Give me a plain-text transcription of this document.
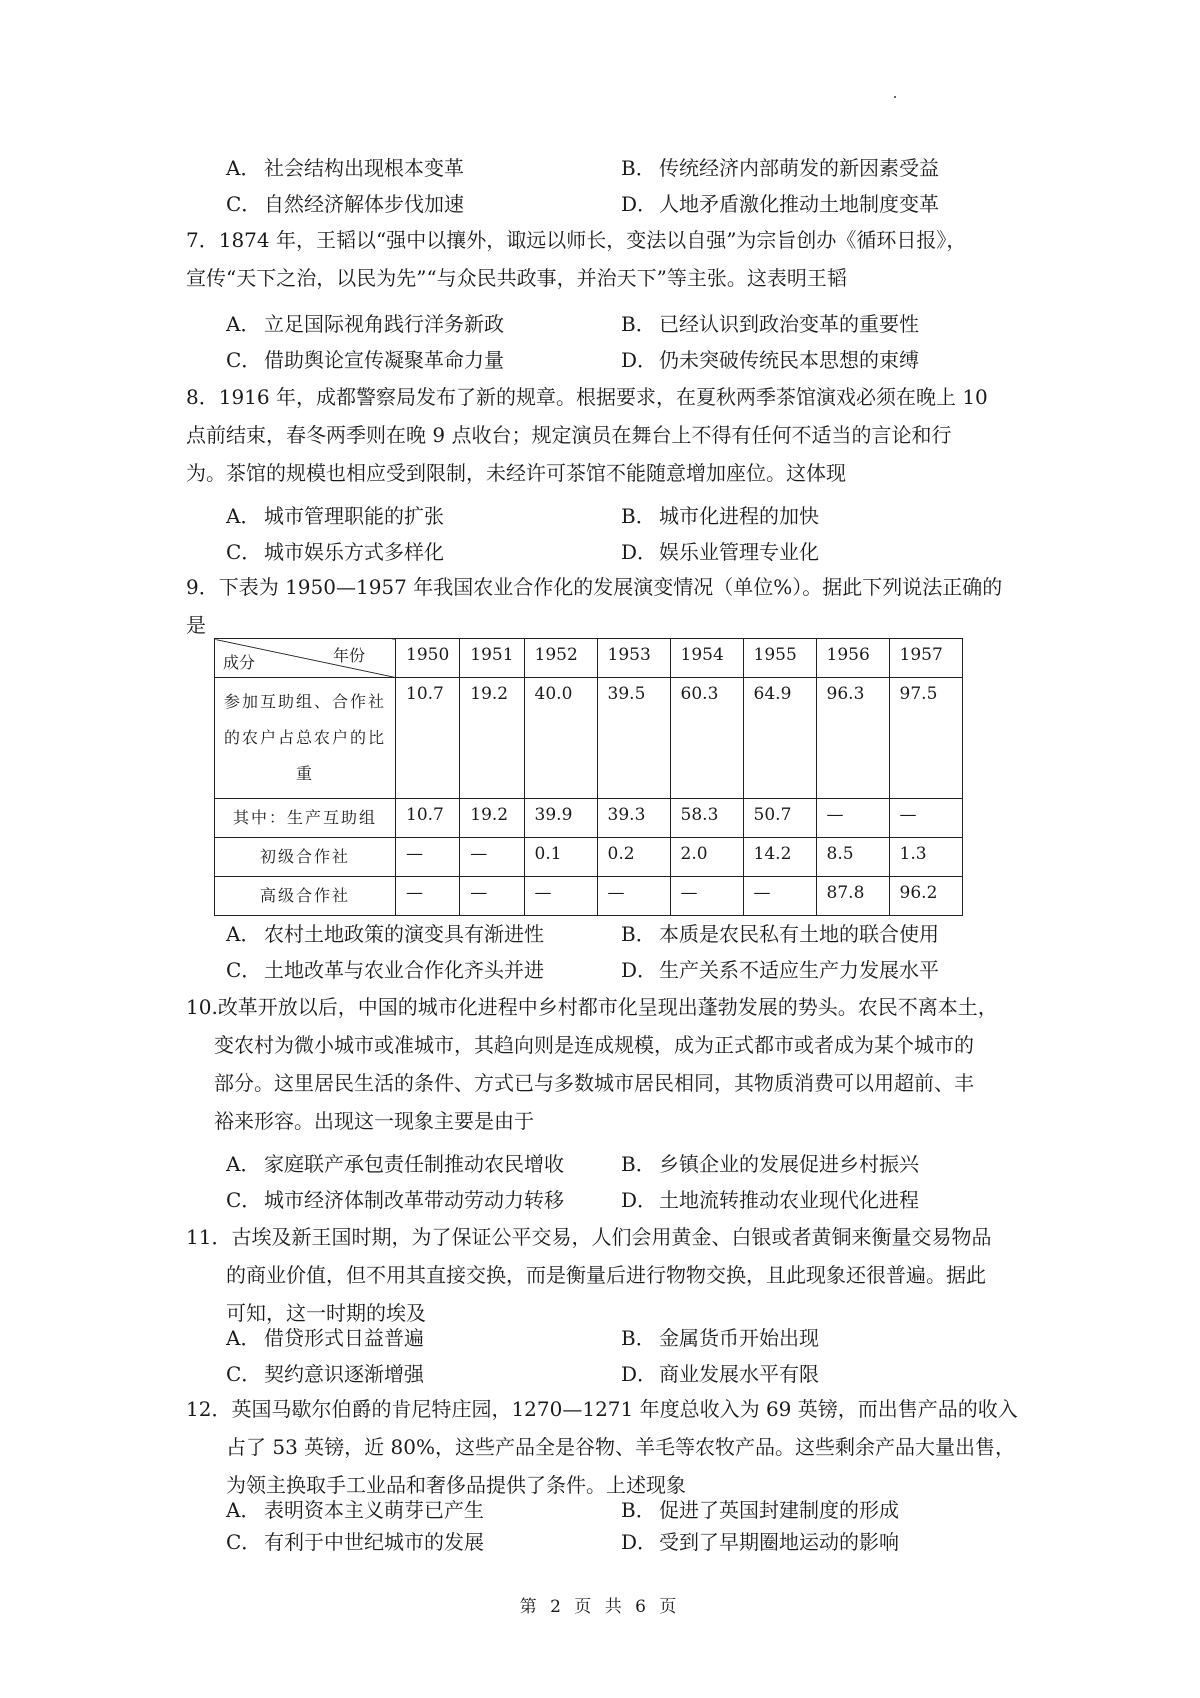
A． 社会结构出现根本变革	B． 传统经济内部萌发的新因素受益
C． 自然经济解体步伐加速	D．人地矛盾激化推动土地制度变革

7．1874 年，王韬以“强中以攘外，诹远以师长，变法以自强”为宗旨创办《循环日报》，

宣传“天下之治，以民为先”“与众民共政事，并治天下”等主张。这表明王韬

A． 立足国际视角践行洋务新政	B． 已经认识到政治变革的重要性
C． 借助舆论宣传凝聚革命力量	D．仍未突破传统民本思想的束缚

8．1916 年，成都警察局发布了新的规章。根据要求，在夏秋两季茶馆演戏必须在晚上 10

点前结束，春冬两季则在晚 9 点收台；规定演员在舞台上不得有任何不适当的言论和行

为。茶馆的规模也相应受到限制，未经许可茶馆不能随意增加座位。这体现

A． 城市管理职能的扩张	B． 城市化进程的加快
C． 城市娱乐方式多样化	D．娱乐业管理专业化

9．下表为 1950—1957 年我国农业合作化的发展演变情况（单位%）。据此下列说法正确的

是

成分 年份	1950	1951	1952	1953	1954	1955	1956	1957
参加互助组、合作社的农户占总农户的比重	10.7	19.2	40.0	39.5	60.3	64.9	96.3	97.5
其中：生产互助组	10.7	19.2	39.9	39.3	58.3	50.7	—	—
初级合作社	—	—	0.1	0.2	2.0	14.2	8.5	1.3
高级合作社	—	—	—	—	—	—	87.8	96.2
A． 农村土地政策的演变具有渐进性	B． 本质是农民私有土地的联合使用
C． 土地改革与农业合作化齐头并进	D．生产关系不适应生产力发展水平

10.改革开放以后，中国的城市化进程中乡村都市化呈现出蓬勃发展的势头。农民不离本土，

变农村为微小城市或准城市，其趋向则是连成规模，成为正式都市或者成为某个城市的

部分。这里居民生活的条件、方式已与多数城市居民相同，其物质消费可以用超前、丰

裕来形容。出现这一现象主要是由于

A． 家庭联产承包责任制推动农民增收	B． 乡镇企业的发展促进乡村振兴
C． 城市经济体制改革带动劳动力转移	D．土地流转推动农业现代化进程

11．古埃及新王国时期，为了保证公平交易，人们会用黄金、白银或者黄铜来衡量交易物品

的商业价值，但不用其直接交换，而是衡量后进行物物交换，且此现象还很普遍。据此

可知，这一时期的埃及

A． 借贷形式日益普遍	B． 金属货币开始出现
C． 契约意识逐渐增强	D．商业发展水平有限

12．英国马歇尔伯爵的肯尼特庄园，1270—1271 年度总收入为 69 英镑，而出售产品的收入

占了 53 英镑，近 80%，这些产品全是谷物、羊毛等农牧产品。这些剩余产品大量出售，

为领主换取手工业品和奢侈品提供了条件。上述现象

A． 表明资本主义萌芽已产生	B． 促进了英国封建制度的形成
C． 有利于中世纪城市的发展	D．受到了早期圈地运动的影响
第 2 页 共 6 页
